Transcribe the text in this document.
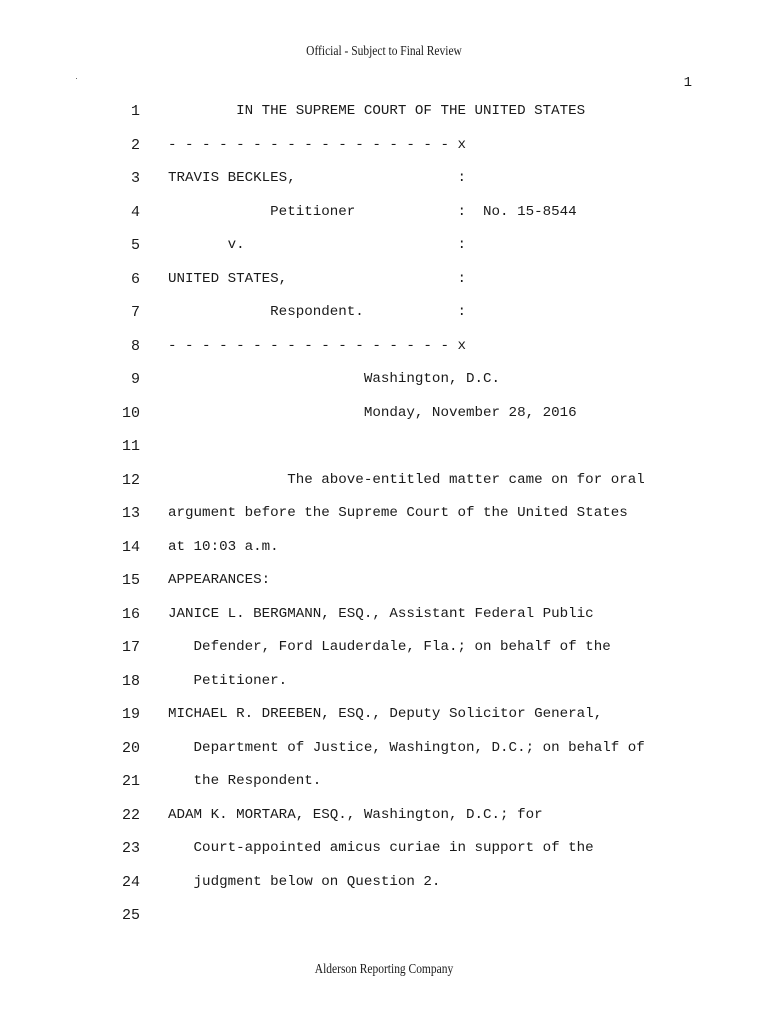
Official - Subject to Final Review
1
1 IN THE SUPREME COURT OF THE UNITED STATES
2 - - - - - - - - - - - - - - - - - x
3 TRAVIS BECKLES,                   :
4 Petitioner            :  No. 15-8544
5 v.                         :
6 UNITED STATES,                    :
7 Respondent.           :
8 - - - - - - - - - - - - - - - - - x
9 Washington, D.C.
10 Monday, November 28, 2016
11
12 The above-entitled matter came on for oral
13 argument before the Supreme Court of the United States
14 at 10:03 a.m.
15 APPEARANCES:
16 JANICE L. BERGMANN, ESQ., Assistant Federal Public
17 Defender, Ford Lauderdale, Fla.; on behalf of the
18 Petitioner.
19 MICHAEL R. DREEBEN, ESQ., Deputy Solicitor General,
20 Department of Justice, Washington, D.C.; on behalf of
21 the Respondent.
22 ADAM K. MORTARA, ESQ., Washington, D.C.; for
23 Court-appointed amicus curiae in support of the
24 judgment below on Question 2.
25
Alderson Reporting Company
